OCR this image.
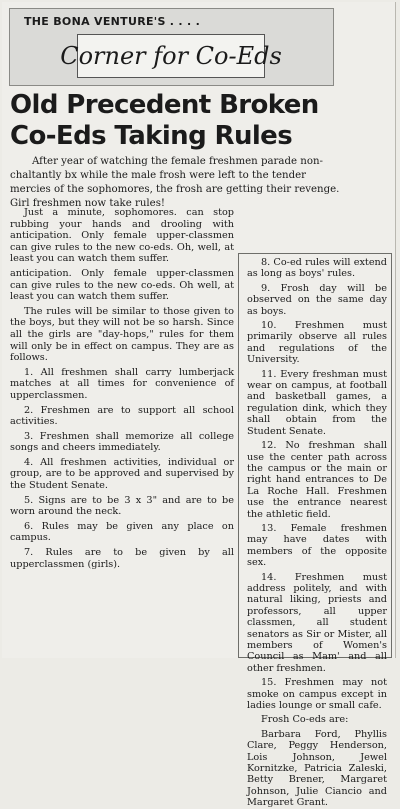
THE BONA VENTURE'S . . . .
Corner for Co-Eds
Old Precedent Broken
Co-Eds Taking Rules
After year of watching the female freshmen parade non-
chaltantly bx while the male frosh were left to the tender
mercies of the sophomores, the frosh are getting their revenge.
Girl freshmen now take rules!

Just a minute, sophomores. can stop rubbing your hands and drooling with anticipation. Only female upper-classmen can give rules to the new co-eds. Oh, well, at least you can watch them suffer.

anticipation. Only female upper-classmen can give rules to the new co-eds. Oh well, at least you can watch them suffer.

The rules will be similar to those given to the boys, but they will not be so harsh. Since all the girls are "day-hops," rules for them will only be in effect on campus. They are as follows.

1. All freshmen shall carry lumberjack matches at all times for convenience of upperclassmen.

2. Freshmen are to support all school activities.

3. Freshmen shall memorize all college songs and cheers immediately.

4. All freshmen activities, individual or group, are to be approved and supervised by the Student Senate.

5. Signs are to be 3 x 3" and are to be worn around the neck.

6. Rules may be given any place on campus.

7. Rules are to be given by all upperclassmen (girls).

8. Co-ed rules will extend as long as boys' rules.

9. Frosh day will be observed on the same day as boys.

10. Freshmen must primarily observe all rules and regulations of the University.

11. Every freshman must wear on campus, at football and basketball games, a regulation dink, which they shall obtain from the Student Senate.

12. No freshman shall use the center path across the campus or the main or right hand entrances to De La Roche Hall. Freshmen use the entrance nearest the athletic field.

13. Female freshmen may have dates with members of the opposite sex.

14. Freshmen must address politely, and with natural liking, priests and professors, all upper classmen, all student senators as Sir or Mister, all members of Women's Council as Mam' and all other freshmen.

15. Freshmen may not smoke on campus except in ladies lounge or small cafe.

Frosh Co-eds are:

Barbara Ford, Phyllis Clare, Peggy Henderson, Lois Johnson, Jewel Kornitzke, Patricia Zaleski, Betty Brener, Margaret Johnson, Julie Ciancio and Margaret Grant.
